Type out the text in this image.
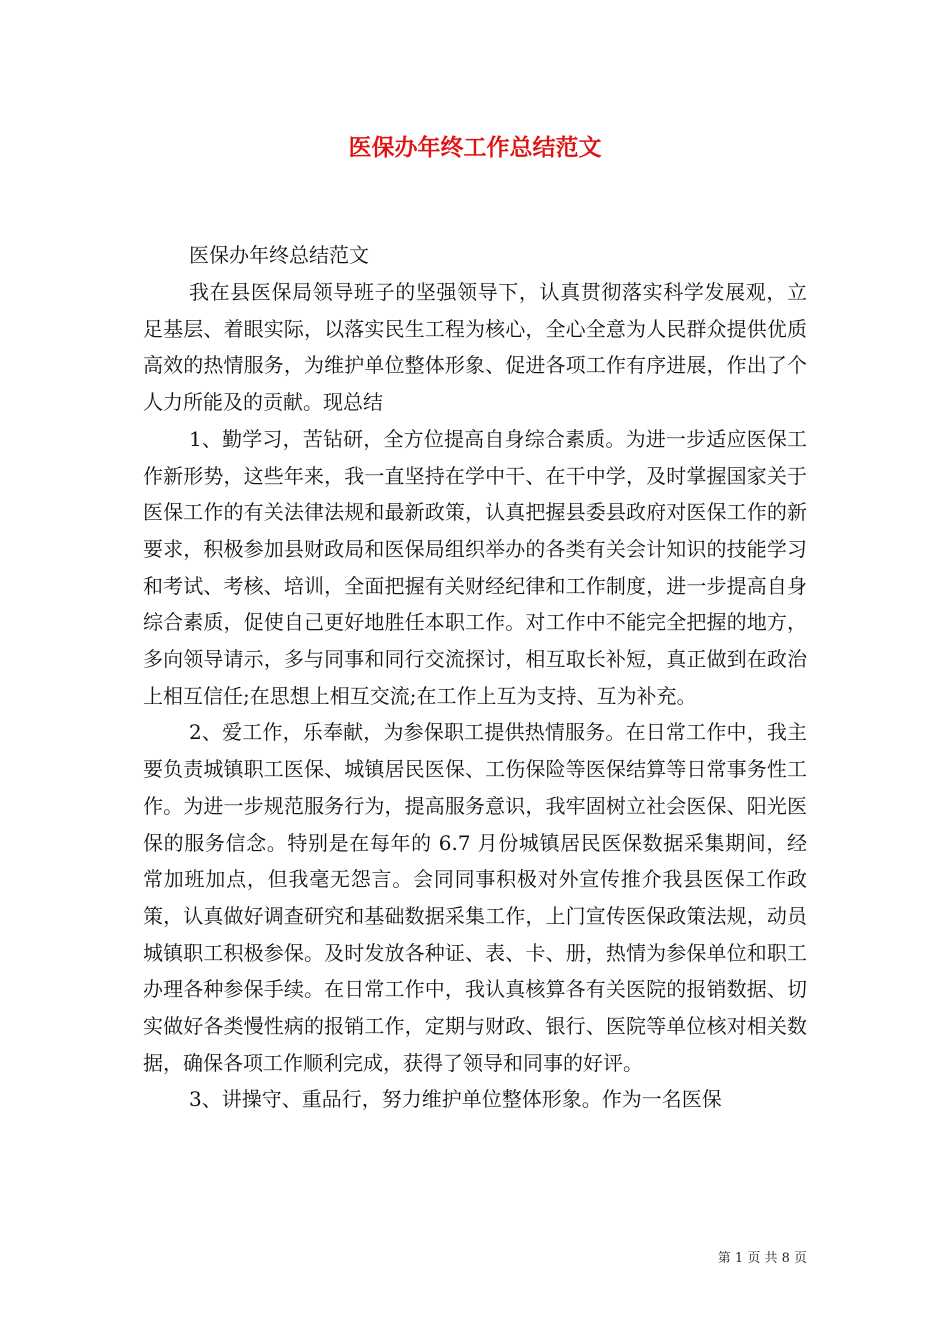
医保办年终工作总结范文
医保办年终总结范文

我在县医保局领导班子的坚强领导下，认真贯彻落实科学发展观，立足基层、着眼实际，以落实民生工程为核心，全心全意为人民群众提供优质高效的热情服务，为维护单位整体形象、促进各项工作有序进展，作出了个人力所能及的贡献。现总结

1、勤学习，苦钻研，全方位提高自身综合素质。为进一步适应医保工作新形势，这些年来，我一直坚持在学中干、在干中学，及时掌握国家关于医保工作的有关法律法规和最新政策，认真把握县委县政府对医保工作的新要求，积极参加县财政局和医保局组织举办的各类有关会计知识的技能学习和考试、考核、培训，全面把握有关财经纪律和工作制度，进一步提高自身综合素质，促使自己更好地胜任本职工作。对工作中不能完全把握的地方，多向领导请示，多与同事和同行交流探讨，相互取长补短，真正做到在政治上相互信任;在思想上相互交流;在工作上互为支持、互为补充。

2、爱工作，乐奉献，为参保职工提供热情服务。在日常工作中，我主要负责城镇职工医保、城镇居民医保、工伤保险等医保结算等日常事务性工作。为进一步规范服务行为，提高服务意识，我牢固树立社会医保、阳光医保的服务信念。特别是在每年的 6.7 月份城镇居民医保数据采集期间，经常加班加点，但我毫无怨言。会同同事积极对外宣传推介我县医保工作政策，认真做好调查研究和基础数据采集工作，上门宣传医保政策法规，动员城镇职工积极参保。及时发放各种证、表、卡、册，热情为参保单位和职工办理各种参保手续。在日常工作中，我认真核算各有关医院的报销数据、切实做好各类慢性病的报销工作，定期与财政、银行、医院等单位核对相关数据，确保各项工作顺利完成，获得了领导和同事的好评。

3、讲操守、重品行，努力维护单位整体形象。作为一名医保

第 1 页 共 8 页
